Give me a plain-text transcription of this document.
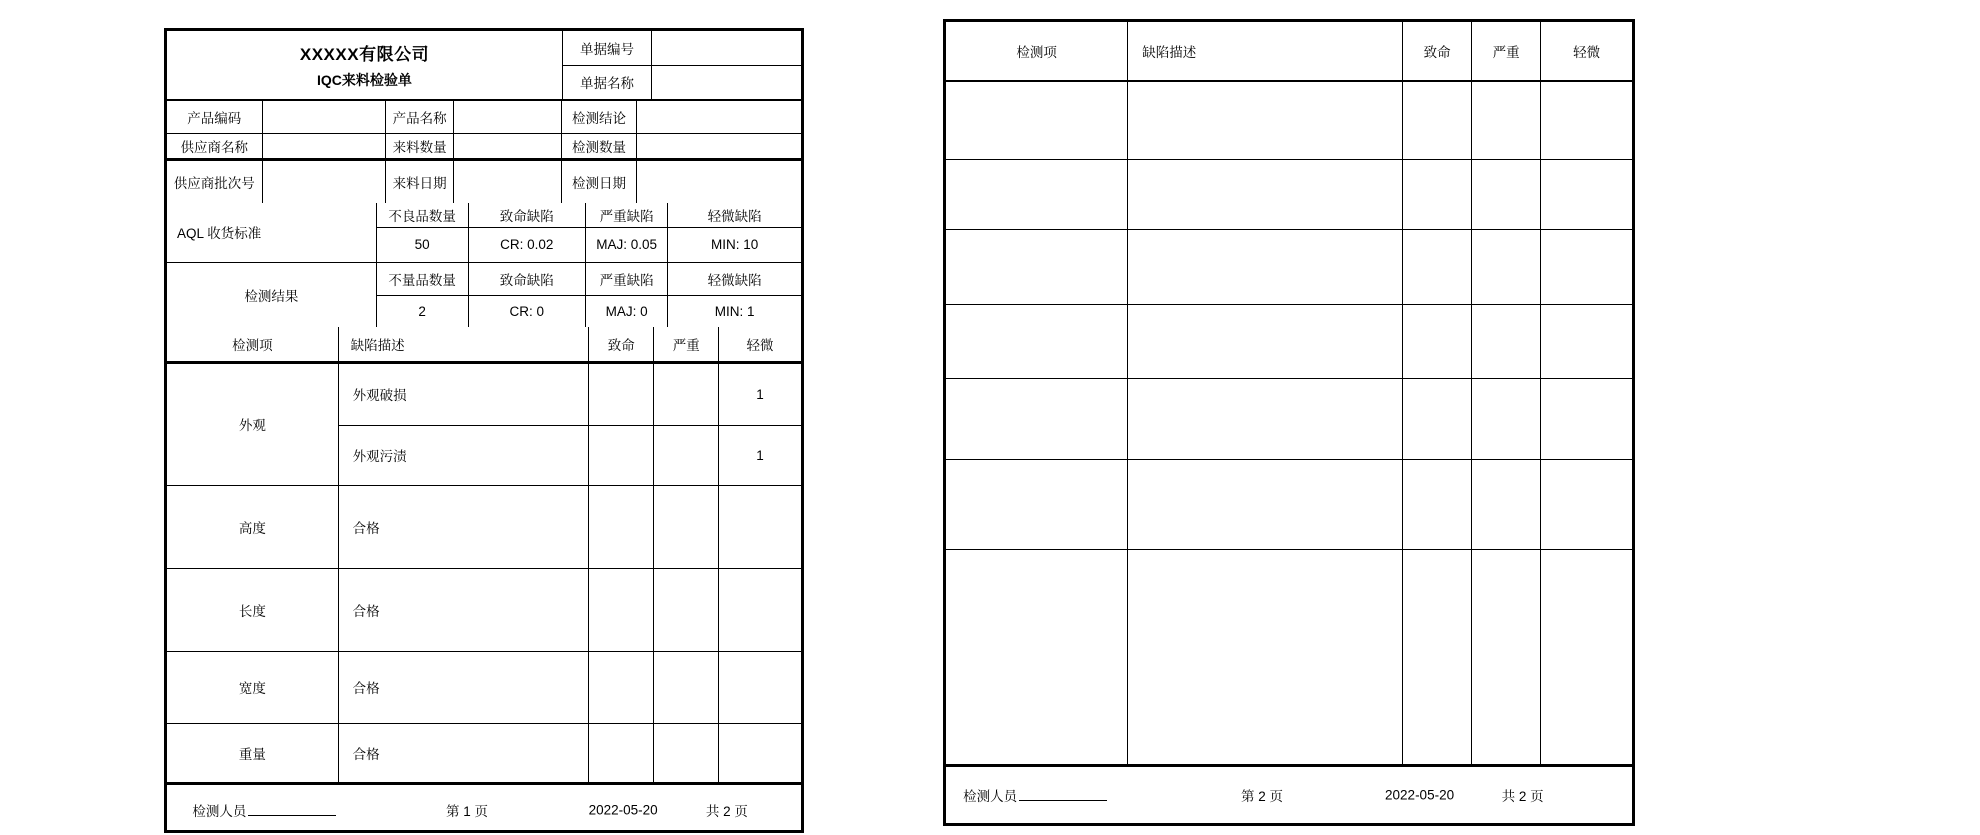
XXXXX有限公司
IQC来料检验单
单据编号
单据名称
产品编码		产品名称		检测结论	
供应商名称		来料数量		检测数量	
供应商批次号		来料日期		检测日期	
AQL 收货标准	不良品数量	致命缺陷	严重缺陷	轻微缺陷
	50	CR: 0.02	MAJ: 0.05	MIN: 10
检测结果	不量品数量	致命缺陷	严重缺陷	轻微缺陷
	2	CR: 0	MAJ: 0	MIN: 1
检测项	缺陷描述	致命	严重	轻微
外观	外观破损			1
	外观污渍			1
高度	合格			
长度	合格			
宽度	合格			
重量	合格			
检测人员	第 1 页	2022-05-20	共 2 页
检测项	缺陷描述	致命	严重	轻微

检测人员	第 2 页	2022-05-20	共 2 页
